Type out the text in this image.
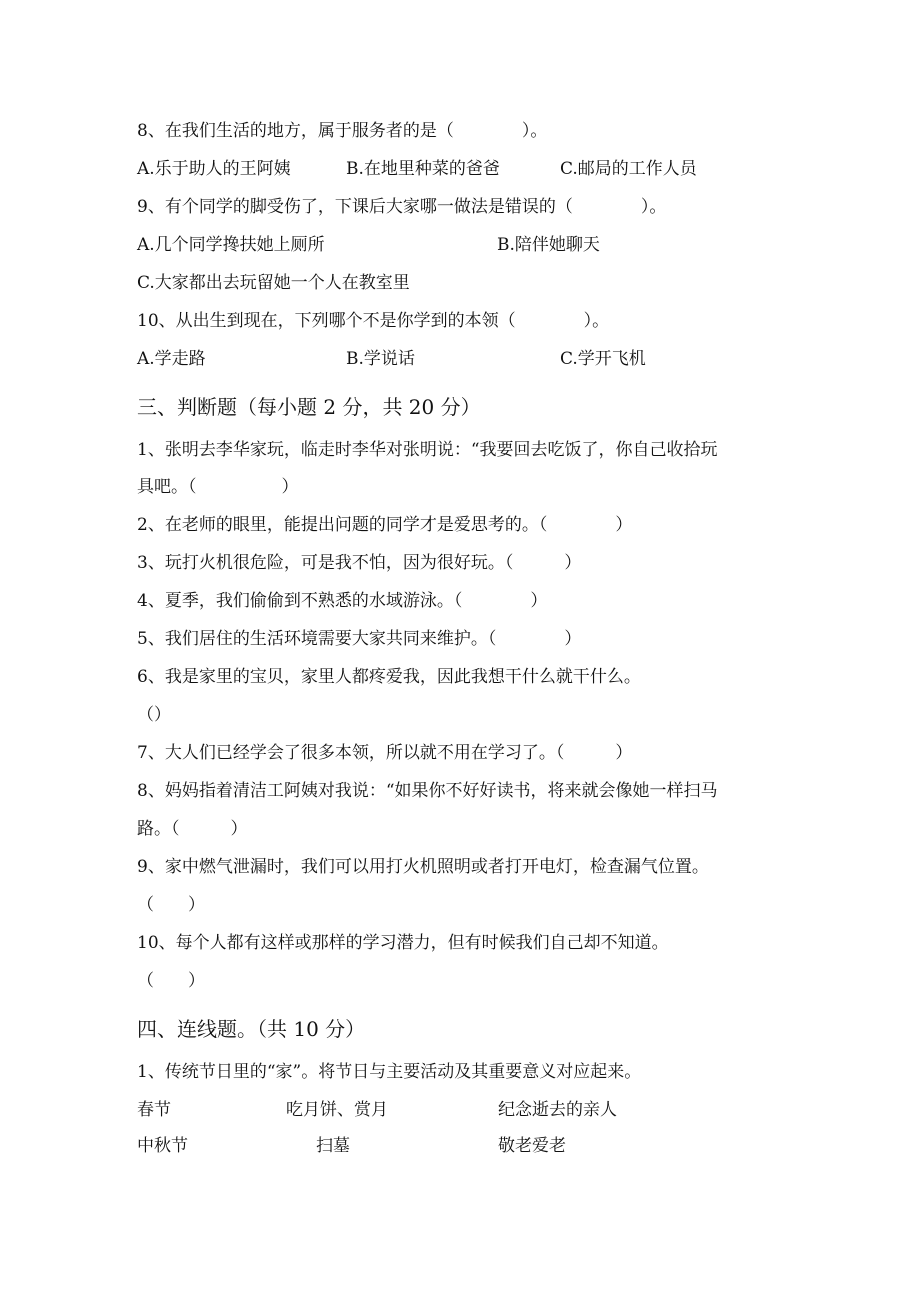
8、在我们生活的地方，属于服务者的是（　　　　）。
A.乐于助人的王阿姨	B.在地里种菜的爸爸	C.邮局的工作人员
9、有个同学的脚受伤了，下课后大家哪一做法是错误的（　　　　）。
A.几个同学搀扶她上厕所	B.陪伴她聊天
C.大家都出去玩留她一个人在教室里
10、从出生到现在，下列哪个不是你学到的本领（　　　　）。
A.学走路	B.学说话	C.学开飞机
三、判断题（每小题 2 分，共 20 分）
1、张明去李华家玩，临走时李华对张明说：“我要回去吃饭了，你自己收拾玩
具吧。（　　　　　）
2、在老师的眼里，能提出问题的同学才是爱思考的。（　　　　）
3、玩打火机很危险，可是我不怕，因为很好玩。（　　　）
4、夏季，我们偷偷到不熟悉的水域游泳。（　　　　）
5、我们居住的生活环境需要大家共同来维护。（　　　　）
6、我是家里的宝贝，家里人都疼爱我，因此我想干什么就干什么。
（）
7、大人们已经学会了很多本领，所以就不用在学习了。（　　　）
8、妈妈指着清洁工阿姨对我说：“如果你不好好读书，将来就会像她一样扫马
路。（　　　）
9、家中燃气泄漏时，我们可以用打火机照明或者打开电灯，检查漏气位置。
（　　）
10、每个人都有这样或那样的学习潜力，但有时候我们自己却不知道。
（　　）
四、连线题。（共 10 分）
1、传统节日里的“家”。将节日与主要活动及其重要意义对应起来。
春节	吃月饼、赏月	纪念逝去的亲人
中秋节	扫墓	敬老爱老
